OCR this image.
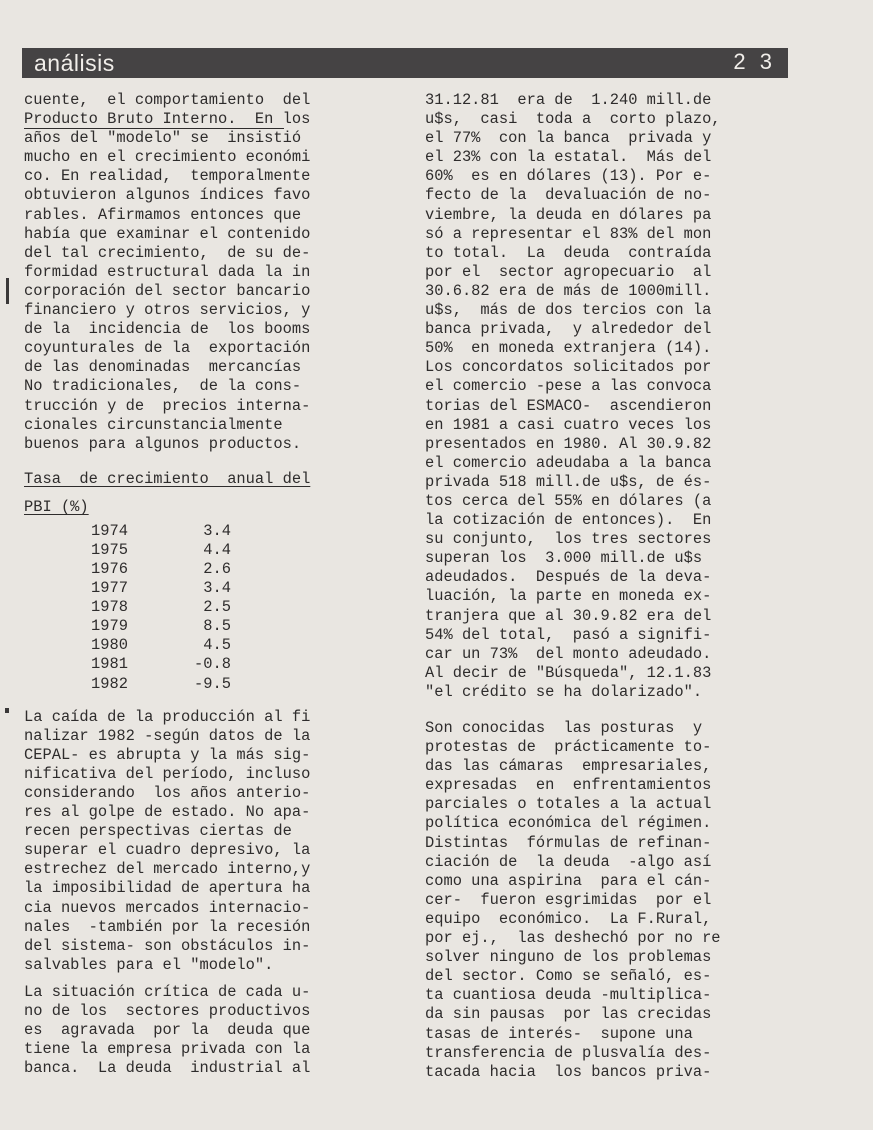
análisis	2 3
cuente,  el comportamiento  del
Producto Bruto Interno.  En los
años del "modelo" se  insistió
mucho en el crecimiento económi
co. En realidad,  temporalmente
obtuvieron algunos índices favo
rables. Afirmamos entonces que
había que examinar el contenido
del tal crecimiento,  de su de-
formidad estructural dada la in
corporación del sector bancario
financiero y otros servicios, y
de la  incidencia de  los booms
coyunturales de la  exportación
de las denominadas  mercancías
No tradicionales,  de la cons-
trucción y de  precios interna-
cionales circunstancialmente
buenos para algunos productos.
Tasa  de crecimiento  anual del
PBI (%)
1974	3.4
1975	4.4
1976	2.6
1977	3.4
1978	2.5
1979	8.5
1980	4.5
1981	-0.8
1982	-9.5
La caída de la producción al fi
nalizar 1982 -según datos de la
CEPAL- es abrupta y la más sig-
nificativa del período, incluso
considerando  los años anterio-
res al golpe de estado. No apa-
recen perspectivas ciertas de
superar el cuadro depresivo, la
estrechez del mercado interno,y
la imposibilidad de apertura ha
cia nuevos mercados internacio-
nales  -también por la recesión
del sistema- son obstáculos in-
salvables para el "modelo".
La situación crítica de cada u-
no de los  sectores productivos
es  agravada  por la  deuda que
tiene la empresa privada con la
banca.  La deuda  industrial al
31.12.81  era de  1.240 mill.de
u$s,  casi  toda a  corto plazo,
el 77%  con la banca  privada y
el 23% con la estatal.  Más del
60%  es en dólares (13). Por e-
fecto de la  devaluación de no-
viembre, la deuda en dólares pa
só a representar el 83% del mon
to total.  La  deuda  contraída
por el  sector agropecuario  al
30.6.82 era de más de 1000mill.
u$s,  más de dos tercios con la
banca privada,  y alrededor del
50%  en moneda extranjera (14).
Los concordatos solicitados por
el comercio -pese a las convoca
torias del ESMACO-  ascendieron
en 1981 a casi cuatro veces los
presentados en 1980. Al 30.9.82
el comercio adeudaba a la banca
privada 518 mill.de u$s, de és-
tos cerca del 55% en dólares (a
la cotización de entonces).  En
su conjunto,  los tres sectores
superan los  3.000 mill.de u$s
adeudados.  Después de la deva-
luación, la parte en moneda ex-
tranjera que al 30.9.82 era del
54% del total,  pasó a signifi-
car un 73%  del monto adeudado.
Al decir de "Búsqueda", 12.1.83
"el crédito se ha dolarizado".
Son conocidas  las posturas  y
protestas de  prácticamente to-
das las cámaras  empresariales,
expresadas  en  enfrentamientos
parciales o totales a la actual
política económica del régimen.
Distintas  fórmulas de refinan-
ciación de  la deuda  -algo así
como una aspirina  para el cán-
cer-  fueron esgrimidas  por el
equipo  económico.  La F.Rural,
por ej.,  las deshechó por no re
solver ninguno de los problemas
del sector. Como se señaló, es-
ta cuantiosa deuda -multiplica-
da sin pausas  por las crecidas
tasas de interés-  supone una
transferencia de plusvalía des-
tacada hacia  los bancos priva-
